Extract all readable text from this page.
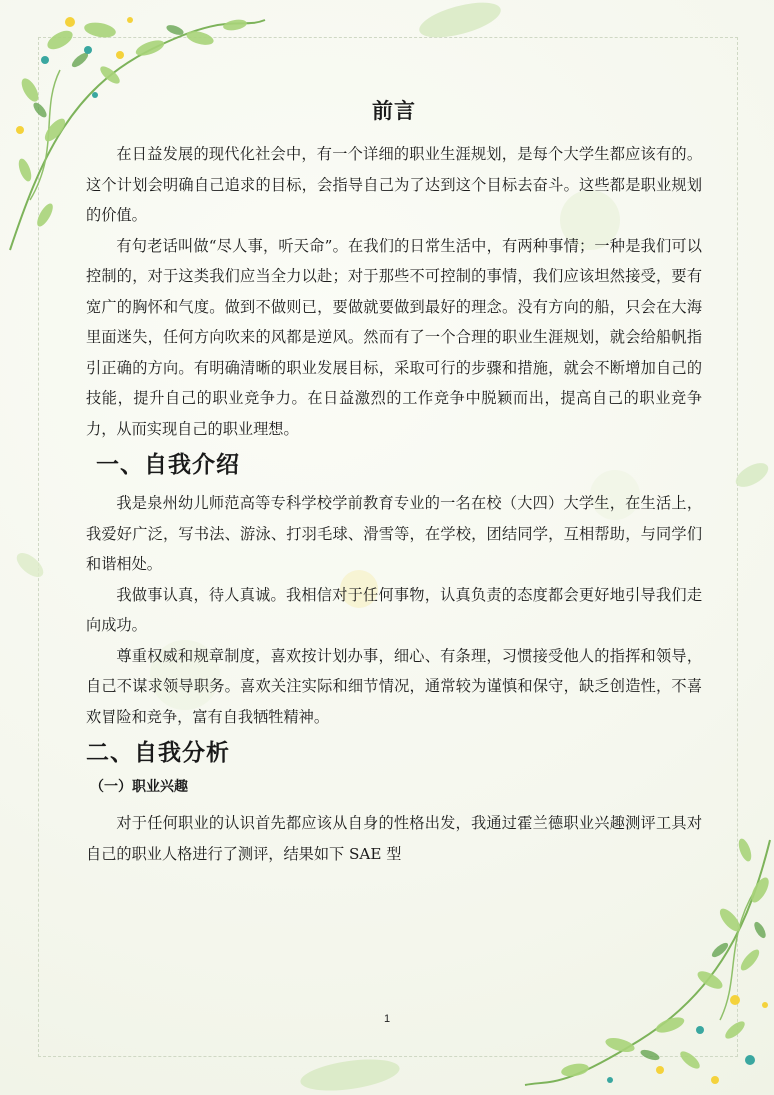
前言

在日益发展的现代化社会中，有一个详细的职业生涯规划，是每个大学生都应该有的。这个计划会明确自己追求的目标，会指导自己为了达到这个目标去奋斗。这些都是职业规划的价值。

有句老话叫做“尽人事，听天命”。在我们的日常生活中，有两种事情；一种是我们可以控制的，对于这类我们应当全力以赴；对于那些不可控制的事情，我们应该坦然接受，要有宽广的胸怀和气度。做到不做则已，要做就要做到最好的理念。没有方向的船，只会在大海里面迷失，任何方向吹来的风都是逆风。然而有了一个合理的职业生涯规划，就会给船帆指引正确的方向。有明确清晰的职业发展目标，采取可行的步骤和措施，就会不断增加自己的技能，提升自己的职业竞争力。在日益激烈的工作竞争中脱颖而出，提高自己的职业竞争力，从而实现自己的职业理想。

一、自我介绍

我是泉州幼儿师范高等专科学校学前教育专业的一名在校（大四）大学生，在生活上，我爱好广泛，写书法、游泳、打羽毛球、滑雪等，在学校，团结同学，互相帮助，与同学们和谐相处。

我做事认真，待人真诚。我相信对于任何事物，认真负责的态度都会更好地引导我们走向成功。

尊重权威和规章制度，喜欢按计划办事，细心、有条理，习惯接受他人的指挥和领导，自己不谋求领导职务。喜欢关注实际和细节情况，通常较为谨慎和保守，缺乏创造性，不喜欢冒险和竞争，富有自我牺牲精神。

二、自我分析
（一）职业兴趣

对于任何职业的认识首先都应该从自身的性格出发，我通过霍兰德职业兴趣测评工具对自己的职业人格进行了测评，结果如下 SAE 型

1
